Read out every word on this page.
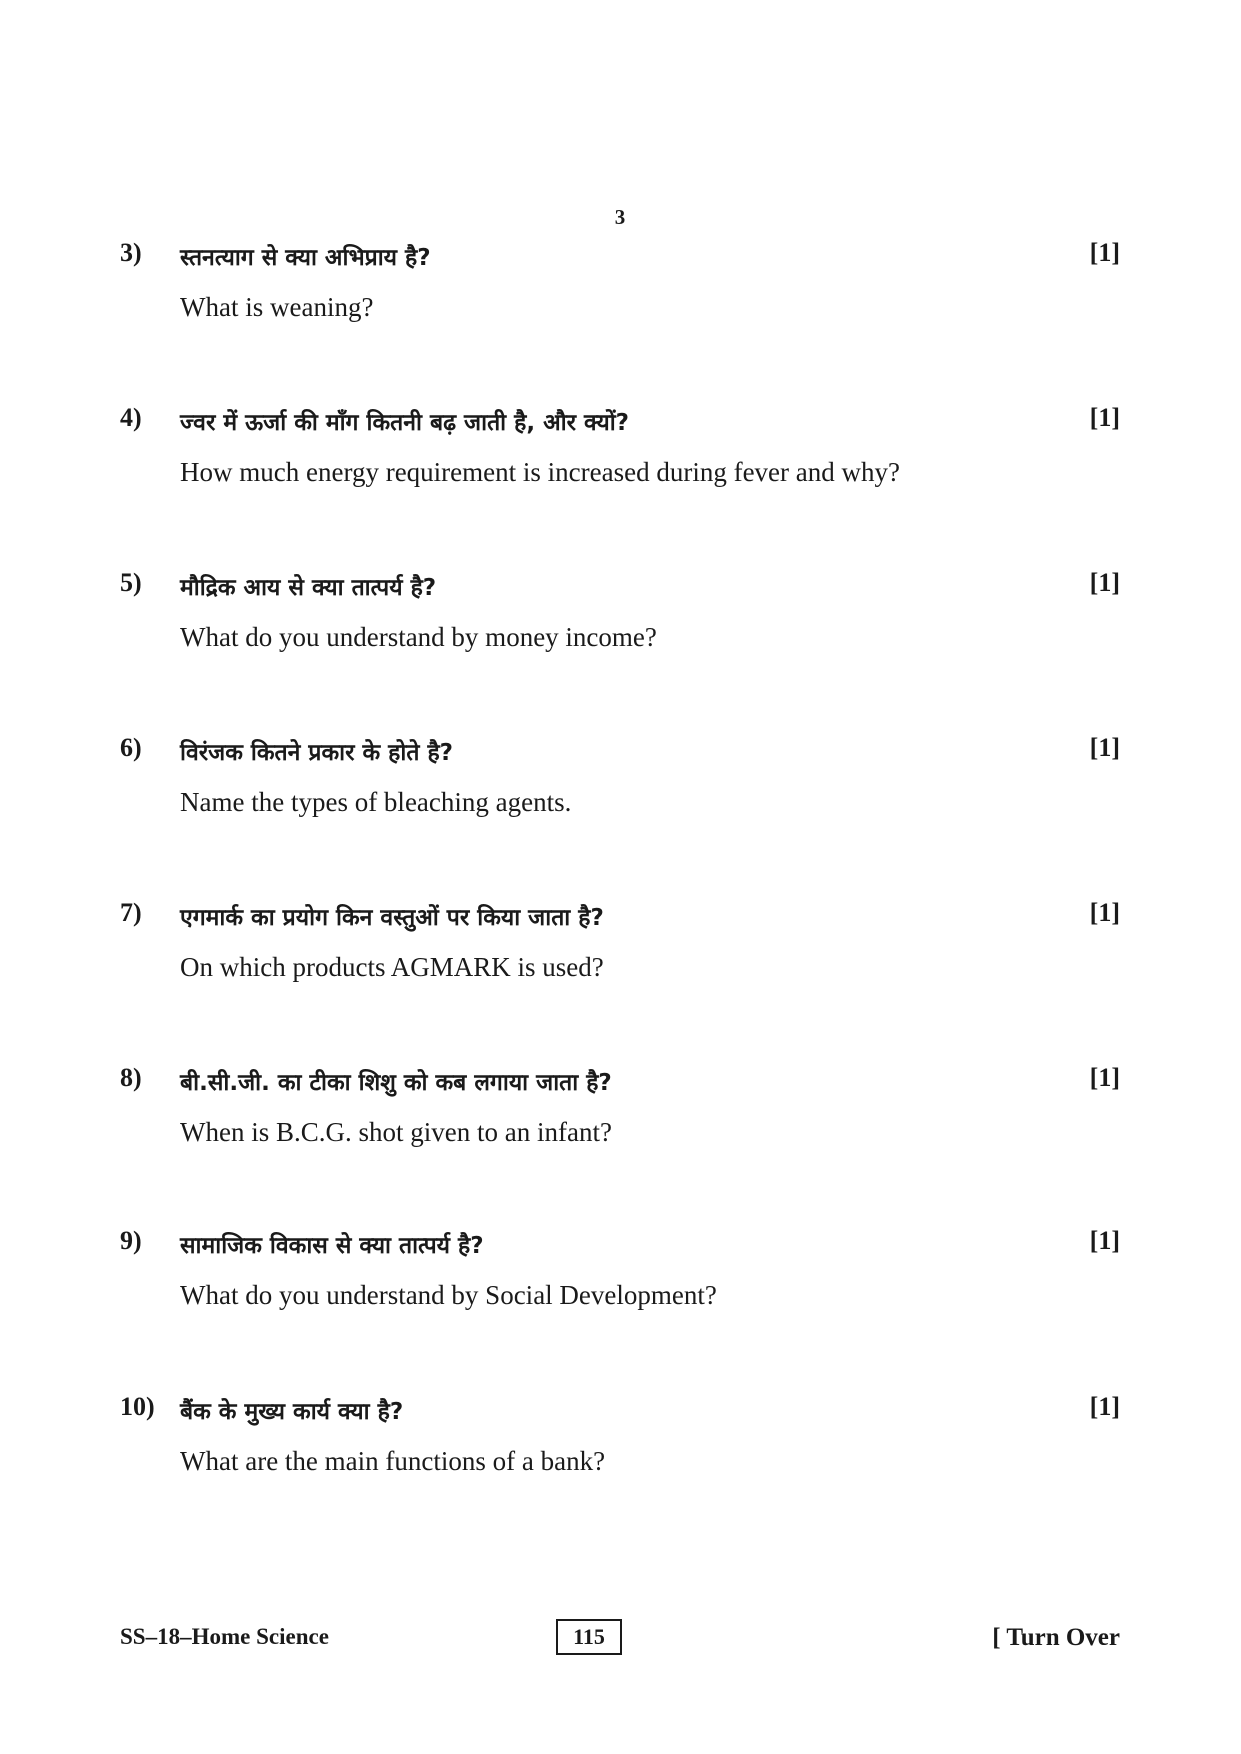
3
3) स्तनत्याग से क्या अभिप्राय है?	[1]
What is weaning?
4) ज्वर में ऊर्जा की माँग कितनी बढ़ जाती है, और क्यों?	[1]
How much energy requirement is increased during fever and why?
5) मौद्रिक आय से क्या तात्पर्य है?	[1]
What do you understand by money income?
6) विरंजक कितने प्रकार के होते है?	[1]
Name the types of bleaching agents.
7) एगमार्क का प्रयोग किन वस्तुओं पर किया जाता है?	[1]
On which products AGMARK is used?
8) बी.सी.जी. का टीका शिशु को कब लगाया जाता है?	[1]
When is B.C.G. shot given to an infant?
9) सामाजिक विकास से क्या तात्पर्य है?	[1]
What do you understand by Social Development?
10) बैंक के मुख्य कार्य क्या है?	[1]
What are the main functions of a bank?
SS–18–Home Science	115	[ Turn Over
